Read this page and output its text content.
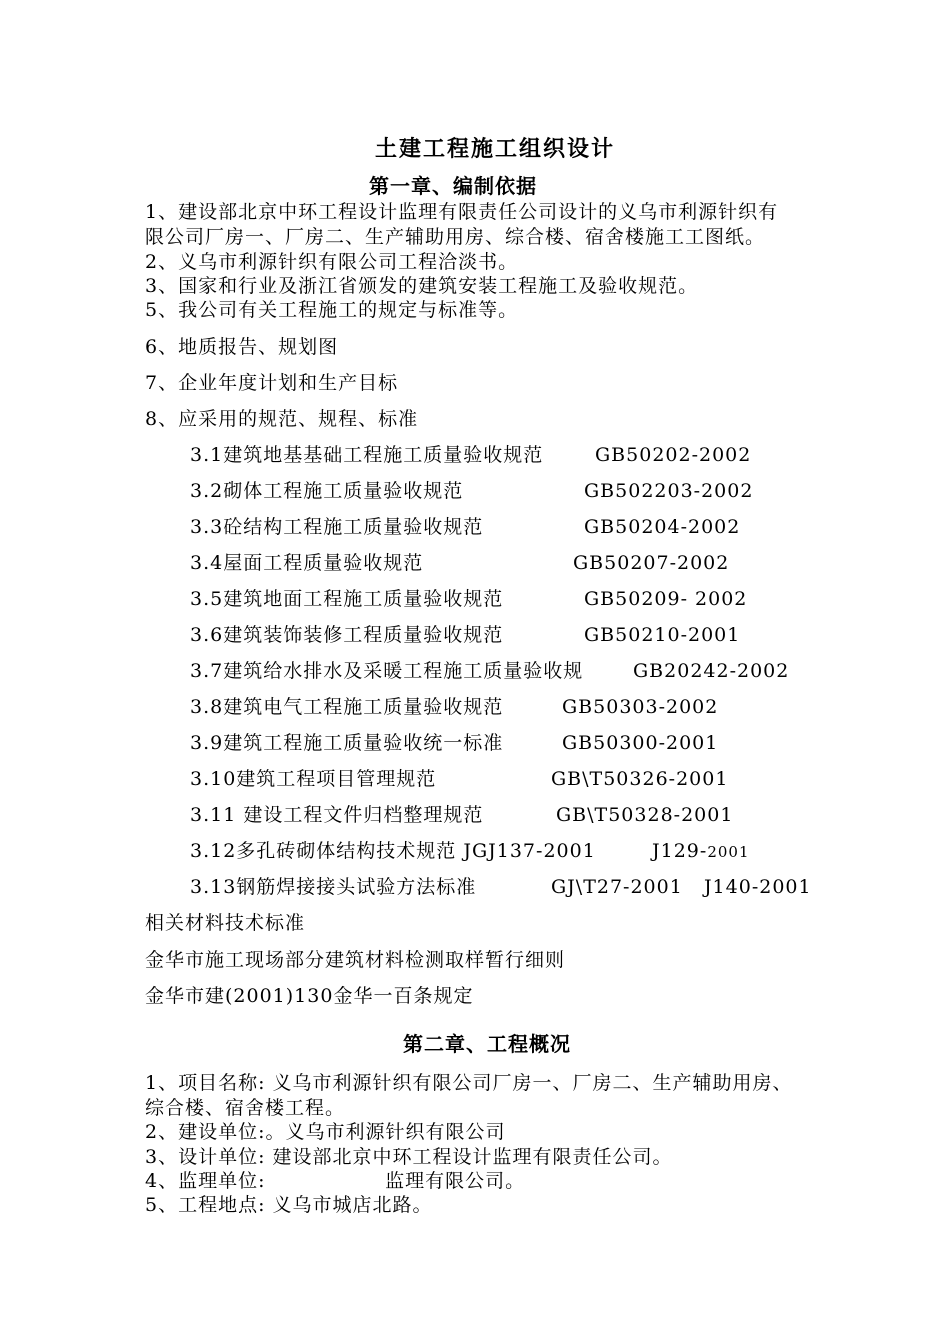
土建工程施工组织设计
第一章、编制依据
1、建设部北京中环工程设计监理有限责任公司设计的义乌市利源针织有
限公司厂房一、厂房二、生产辅助用房、综合楼、宿舍楼施工工图纸。
2、义乌市利源针织有限公司工程洽淡书。
3、国家和行业及浙江省颁发的建筑安装工程施工及验收规范。
5、我公司有关工程施工的规定与标准等。
6、地质报告、规划图
7、企业年度计划和生产目标
8、应采用的规范、规程、标准
3.1建筑地基基础工程施工质量验收规范	GB50202-2002
3.2砌体工程施工质量验收规范	GB502203-2002
3.3砼结构工程施工质量验收规范	GB50204-2002
3.4屋面工程质量验收规范	GB50207-2002
3.5建筑地面工程施工质量验收规范	GB50209- 2002
3.6建筑装饰装修工程质量验收规范	GB50210-2001
3.7建筑给水排水及采暖工程施工质量验收规	GB20242-2002
3.8建筑电气工程施工质量验收规范	GB50303-2002
3.9建筑工程施工质量验收统一标准	GB50300-2001
3.10建筑工程项目管理规范	GB\T50326-2001
3.11 建设工程文件归档整理规范	GB\T50328-2001
3.12多孔砖砌体结构技术规范 JGJ137-2001	J129-2001
3.13钢筋焊接接头试验方法标准	GJ\T27-2001   J140-2001
相关材料技术标准
金华市施工现场部分建筑材料检测取样暂行细则
金华市建(2001)130金华一百条规定
第二章、工程概况
1、项目名称: 义乌市利源针织有限公司厂房一、厂房二、生产辅助用房、
综合楼、宿舍楼工程。
2、建设单位:。义乌市利源针织有限公司
3、设计单位: 建设部北京中环工程设计监理有限责任公司。
4、监理单位:                 监理有限公司。
5、工程地点: 义乌市城店北路。
